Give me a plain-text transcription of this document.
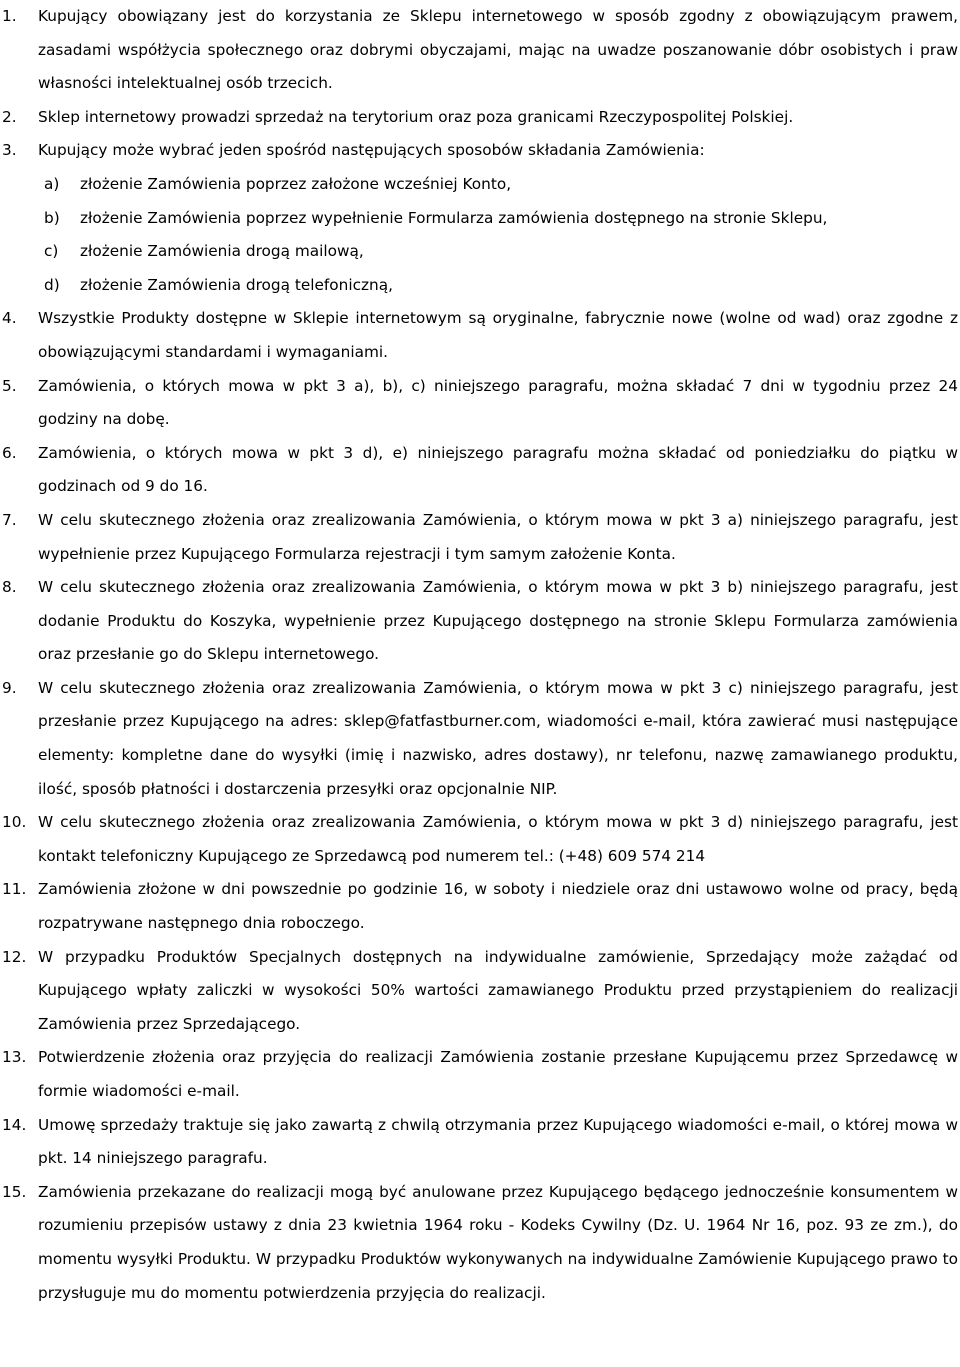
1. Kupujący obowiązany jest do korzystania ze Sklepu internetowego w sposób zgodny z obowiązującym prawem, zasadami współżycia społecznego oraz dobrymi obyczajami, mając na uwadze poszanowanie dóbr osobistych i praw własności intelektualnej osób trzecich.
2. Sklep internetowy prowadzi sprzedaż na terytorium oraz poza granicami Rzeczypospolitej Polskiej.
3. Kupujący może wybrać jeden spośród następujących sposobów składania Zamówienia:
a) złożenie Zamówienia poprzez założone wcześniej Konto,
b) złożenie Zamówienia poprzez wypełnienie Formularza zamówienia dostępnego na stronie Sklepu,
c) złożenie Zamówienia drogą mailową,
d) złożenie Zamówienia drogą telefoniczną,
4. Wszystkie Produkty dostępne w Sklepie internetowym są oryginalne, fabrycznie nowe (wolne od wad) oraz zgodne z obowiązującymi standardami i wymaganiami.
5. Zamówienia, o których mowa w pkt 3 a), b), c) niniejszego paragrafu, można składać 7 dni w tygodniu przez 24 godziny na dobę.
6. Zamówienia, o których mowa w pkt 3 d), e) niniejszego paragrafu można składać od poniedziałku do piątku w godzinach od 9 do 16.
7. W celu skutecznego złożenia oraz zrealizowania Zamówienia, o którym mowa w pkt 3 a) niniejszego paragrafu, jest wypełnienie przez Kupującego Formularza rejestracji i tym samym założenie Konta.
8. W celu skutecznego złożenia oraz zrealizowania Zamówienia, o którym mowa w pkt 3 b) niniejszego paragrafu, jest dodanie Produktu do Koszyka, wypełnienie przez Kupującego dostępnego na stronie Sklepu Formularza zamówienia oraz przesłanie go do Sklepu internetowego.
9. W celu skutecznego złożenia oraz zrealizowania Zamówienia, o którym mowa w pkt 3 c) niniejszego paragrafu, jest przesłanie przez Kupującego na adres: sklep@fatfastburner.com, wiadomości e-mail, która zawierać musi następujące elementy: kompletne dane do wysyłki (imię i nazwisko, adres dostawy), nr telefonu, nazwę zamawianego produktu, ilość, sposób płatności i dostarczenia przesyłki oraz opcjonalnie NIP.
10. W celu skutecznego złożenia oraz zrealizowania Zamówienia, o którym mowa w pkt 3 d) niniejszego paragrafu, jest kontakt telefoniczny Kupującego ze Sprzedawcą pod numerem tel.: (+48) 609 574 214
11. Zamówienia złożone w dni powszednie po godzinie 16, w soboty i niedziele oraz dni ustawowo wolne od pracy, będą rozpatrywane następnego dnia roboczego.
12. W przypadku Produktów Specjalnych dostępnych na indywidualne zamówienie, Sprzedający może zażądać od Kupującego wpłaty zaliczki w wysokości 50% wartości zamawianego Produktu przed przystąpieniem do realizacji Zamówienia przez Sprzedającego.
13. Potwierdzenie złożenia oraz przyjęcia do realizacji Zamówienia zostanie przesłane Kupującemu przez Sprzedawcę w formie wiadomości e-mail.
14. Umowę sprzedaży traktuje się jako zawartą z chwilą otrzymania przez Kupującego wiadomości e-mail, o której mowa w pkt. 14 niniejszego paragrafu.
15. Zamówienia przekazane do realizacji mogą być anulowane przez Kupującego będącego jednocześnie konsumentem w rozumieniu przepisów ustawy z dnia 23 kwietnia 1964 roku - Kodeks Cywilny (Dz. U. 1964 Nr 16, poz. 93 ze zm.), do momentu wysyłki Produktu. W przypadku Produktów wykonywanych na indywidualne Zamówienie Kupującego prawo to przysługuje mu do momentu potwierdzenia przyjęcia do realizacji.
